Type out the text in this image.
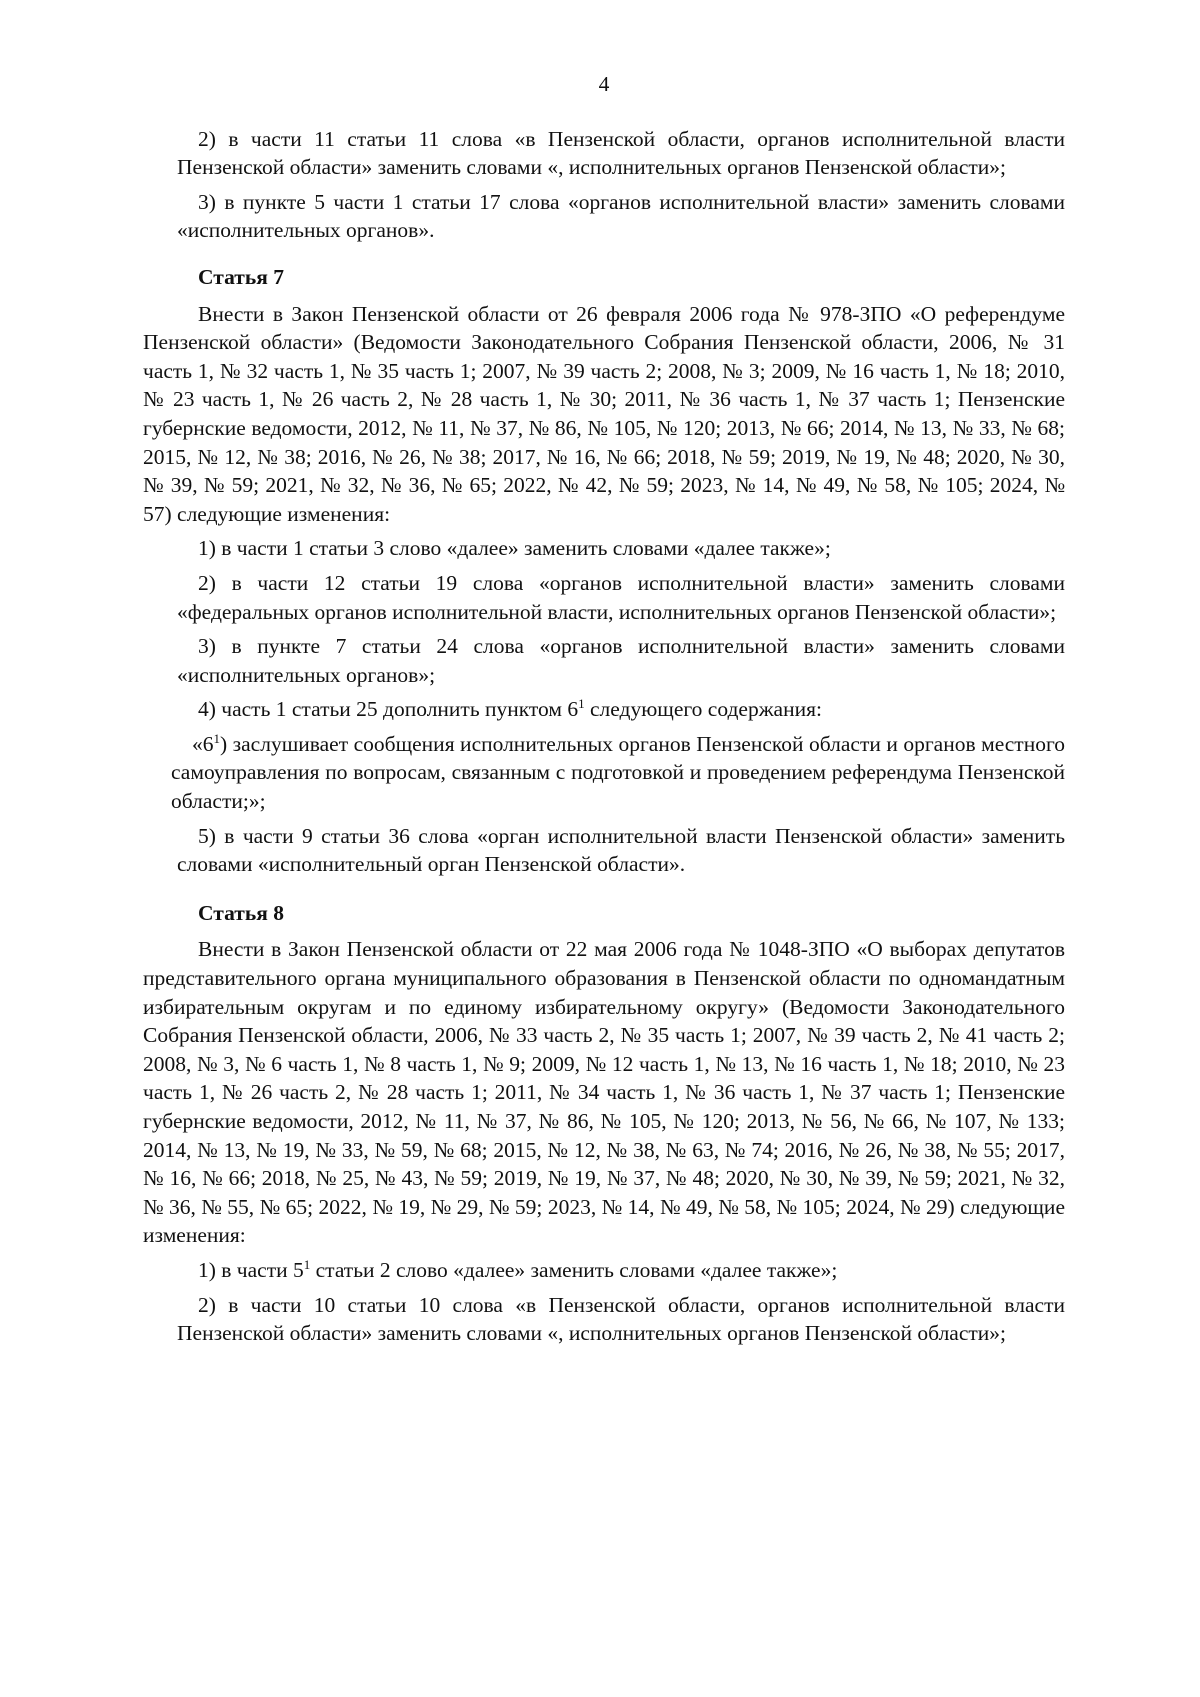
4

2) в части 11 статьи 11 слова «в Пензенской области, органов исполнительной власти Пензенской области» заменить словами «, исполнительных органов Пензенской области»;

3) в пункте 5 части 1 статьи 17 слова «органов исполнительной власти» заменить словами «исполнительных органов».

Статья 7

Внести в Закон Пензенской области от 26 февраля 2006 года № 978-ЗПО «О референдуме Пензенской области» (Ведомости Законодательного Собрания Пензенской области, 2006, № 31 часть 1, № 32 часть 1, № 35 часть 1; 2007, № 39 часть 2; 2008, № 3; 2009, № 16 часть 1, № 18; 2010, № 23 часть 1, № 26 часть 2, № 28 часть 1, № 30; 2011, № 36 часть 1, № 37 часть 1; Пензенские губернские ведомости, 2012, № 11, № 37, № 86, № 105, № 120; 2013, № 66; 2014, № 13, № 33, № 68; 2015, № 12, № 38; 2016, № 26, № 38; 2017, № 16, № 66; 2018, № 59; 2019, № 19, № 48; 2020, № 30, № 39, № 59; 2021, № 32, № 36, № 65; 2022, № 42, № 59; 2023, № 14, № 49, № 58, № 105; 2024, № 57) следующие изменения:

1) в части 1 статьи 3 слово «далее» заменить словами «далее также»;

2) в части 12 статьи 19 слова «органов исполнительной власти» заменить словами «федеральных органов исполнительной власти, исполнительных органов Пензенской области»;

3) в пункте 7 статьи 24 слова «органов исполнительной власти» заменить словами «исполнительных органов»;

4) часть 1 статьи 25 дополнить пунктом $6^1$ следующего содержания:

«$6^1$) заслушивает сообщения исполнительных органов Пензенской области и органов местного самоуправления по вопросам, связанным с подготовкой и проведением референдума Пензенской области;»;

5) в части 9 статьи 36 слова «орган исполнительной власти Пензенской области» заменить словами «исполнительный орган Пензенской области».

Статья 8

Внести в Закон Пензенской области от 22 мая 2006 года № 1048-ЗПО «О выборах депутатов представительного органа муниципального образования в Пензенской области по одномандатным избирательным округам и по единому избирательному округу» (Ведомости Законодательного Собрания Пензенской области, 2006, № 33 часть 2, № 35 часть 1; 2007, № 39 часть 2, № 41 часть 2; 2008, № 3, № 6 часть 1, № 8 часть 1, № 9; 2009, № 12 часть 1, № 13, № 16 часть 1, № 18; 2010, № 23 часть 1, № 26 часть 2, № 28 часть 1; 2011, № 34 часть 1, № 36 часть 1, № 37 часть 1; Пензенские губернские ведомости, 2012, № 11, № 37, № 86, № 105, № 120; 2013, № 56, № 66, № 107, № 133; 2014, № 13, № 19, № 33, № 59, № 68; 2015, № 12, № 38, № 63, № 74; 2016, № 26, № 38, № 55; 2017, № 16, № 66; 2018, № 25, № 43, № 59; 2019, № 19, № 37, № 48; 2020, № 30, № 39, № 59; 2021, № 32, № 36, № 55, № 65; 2022, № 19, № 29, № 59; 2023, № 14, № 49, № 58, № 105; 2024, № 29) следующие изменения:

1) в части $5^1$ статьи 2 слово «далее» заменить словами «далее также»;

2) в части 10 статьи 10 слова «в Пензенской области, органов исполнительной власти Пензенской области» заменить словами «, исполнительных органов Пензенской области»;
